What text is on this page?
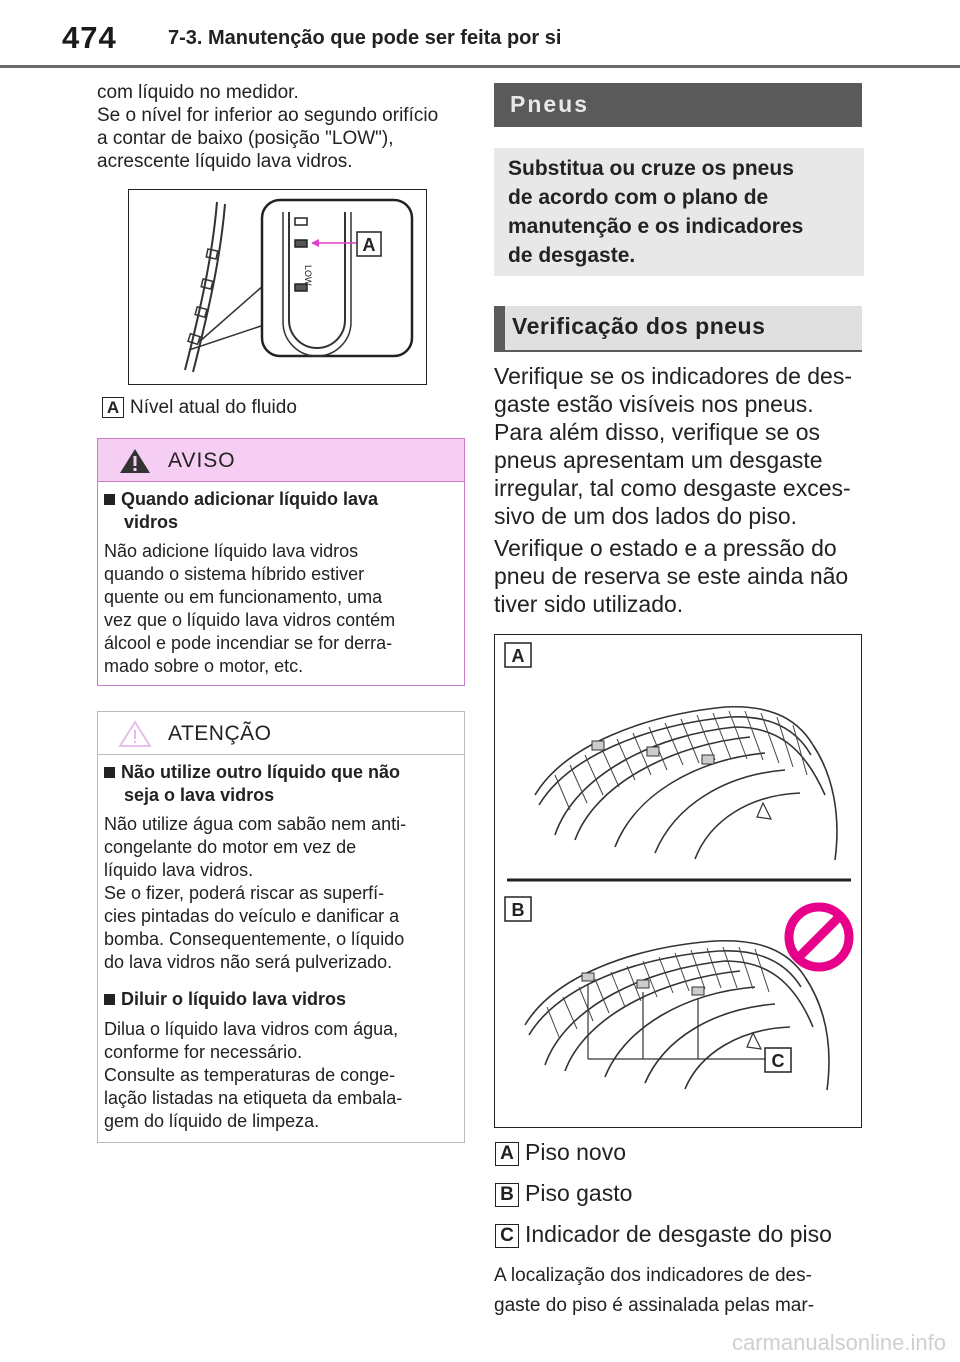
474	7-3. Manutenção que pode ser feita por si
com líquido no medidor.
Se o nível for inferior ao segundo orifício
a contar de baixo (posição "LOW"),
acrescente líquido lava vidros.
LOW
A
A Nível atual do fluido
AVISO
Quando adicionar líquido lava
vidros
Não adicione líquido lava vidros
quando o sistema híbrido estiver
quente ou em funcionamento, uma
vez que o líquido lava vidros contém
álcool e pode incendiar se for derra-
mado sobre o motor, etc.
ATENÇÃO
Não utilize outro líquido que não
seja o lava vidros
Não utilize água com sabão nem anti-
congelante do motor em vez de
líquido lava vidros.
Se o fizer, poderá riscar as superfí-
cies pintadas do veículo e danificar a
bomba. Consequentemente, o líquido
do lava vidros não será pulverizado.
Diluir o líquido lava vidros
Dilua o líquido lava vidros com água,
conforme for necessário.
Consulte as temperaturas de conge-
lação listadas na etiqueta da embala-
gem do líquido de limpeza.
Pneus
Substitua ou cruze os pneus
de acordo com o plano de
manutenção e os indicadores
de desgaste.
Verificação dos pneus
Verifique se os indicadores de des-
gaste estão visíveis nos pneus.
Para além disso, verifique se os
pneus apresentam um desgaste
irregular, tal como desgaste exces-
sivo de um dos lados do piso.
Verifique o estado e a pressão do
pneu de reserva se este ainda não
tiver sido utilizado.
A
B
C
A Piso novo
B Piso gasto
C Indicador de desgaste do piso
A localização dos indicadores de des-
gaste do piso é assinalada pelas mar-
carmanualsonline.info
